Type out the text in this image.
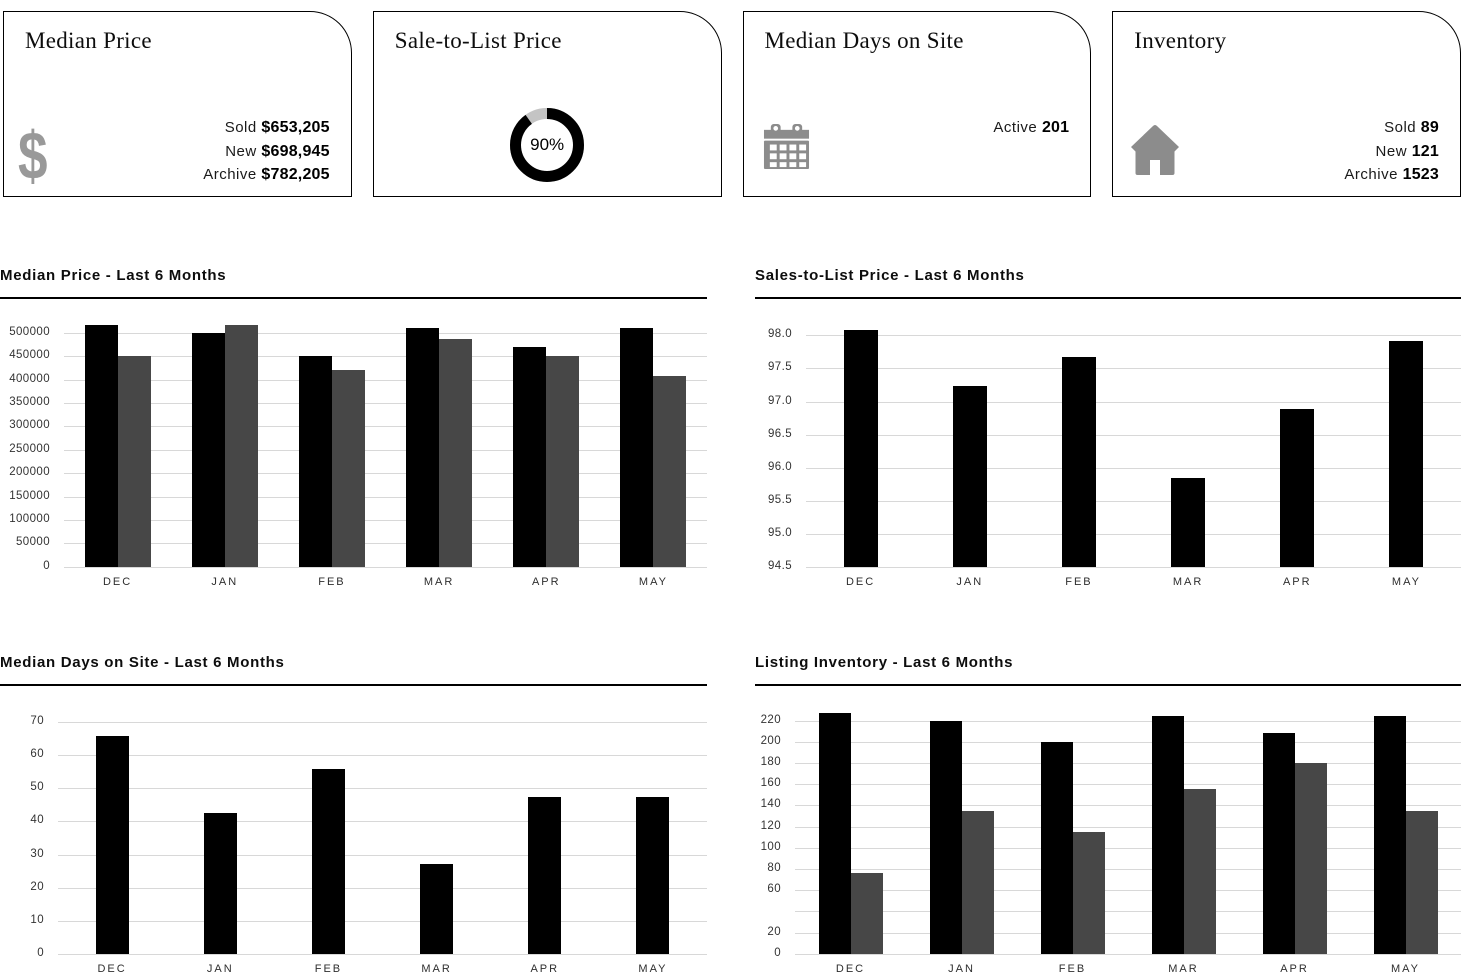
Median Price
$	Sold $653,205
New $698,945
Archive $782,205
Sale-to-List Price
90%
Median Days on Site
Active 201
Inventory
Sold 89
New 121
Archive 1523
Median Price - Last 6 Months
500000
450000
400000
350000
300000
250000
200000
150000
100000
50000
0
DEC	JAN	FEB	MAR	APR	MAY
Sales-to-List Price - Last 6 Months
98.0
97.5
97.0
96.5
96.0
95.5
95.0
94.5
DEC	JAN	FEB	MAR	APR	MAY
Median Days on Site - Last 6 Months
70
60
50
40
30
20
10
0
DEC	JAN	FEB	MAR	APR	MAY
Listing Inventory - Last 6 Months
220
200
180
160
140
120
100
80
60
20
0
DEC	JAN	FEB	MAR	APR	MAY
